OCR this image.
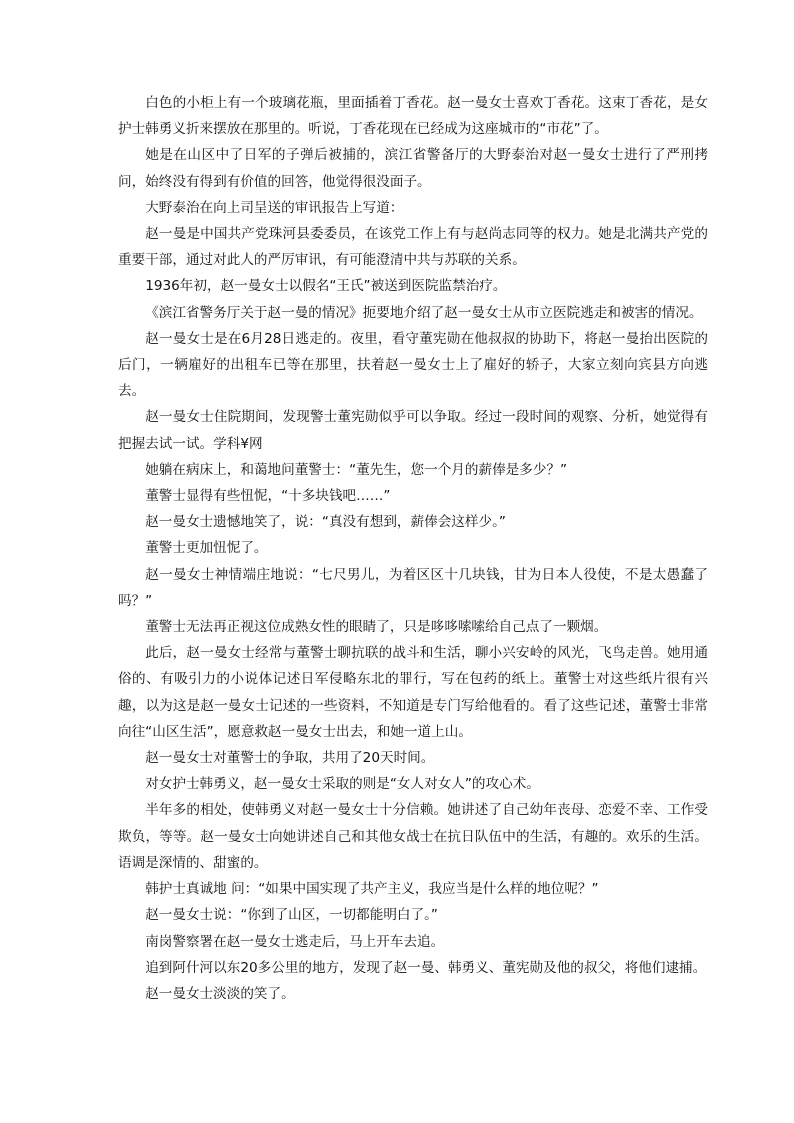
白色的小柜上有一个玻璃花瓶，里面插着丁香花。赵一曼女士喜欢丁香花。这束丁香花，是女护士韩勇义折来摆放在那里的。听说，丁香花现在已经成为这座城市的“市花”了。

她是在山区中了日军的子弹后被捕的，滨江省警备厅的大野泰治对赵一曼女士进行了严刑拷问，始终没有得到有价值的回答，他觉得很没面子。

大野泰治在向上司呈送的审讯报告上写道：

赵一曼是中国共产党珠河县委委员，在该党工作上有与赵尚志同等的权力。她是北满共产党的重要干部，通过对此人的严厉审讯，有可能澄清中共与苏联的关系。

1936年初，赵一曼女士以假名“王氏”被送到医院监禁治疗。

《滨江省警务厅关于赵一曼的情况》扼要地介绍了赵一曼女士从市立医院逃走和被害的情况。

赵一曼女士是在6月28日逃走的。夜里，看守董宪勋在他叔叔的协助下，将赵一曼抬出医院的后门，一辆雇好的出租车已等在那里，扶着赵一曼女士上了雇好的轿子，大家立刻向宾县方向逃去。

赵一曼女士住院期间，发现警士董宪勋似乎可以争取。经过一段时间的观察、分析，她觉得有把握去试一试。学科¥网

她躺在病床上，和蔼地问董警士：“董先生，您一个月的薪俸是多少？”

董警士显得有些忸怩，“十多块钱吧……”

赵一曼女士遗憾地笑了，说：“真没有想到，薪俸会这样少。”

董警士更加忸怩了。

赵一曼女士神情端庄地说：“七尺男儿，为着区区十几块钱，甘为日本人役使，不是太愚蠢了吗？”

董警士无法再正视这位成熟女性的眼睛了，只是哆哆嗦嗦给自己点了一颗烟。

此后，赵一曼女士经常与董警士聊抗联的战斗和生活，聊小兴安岭的风光，飞鸟走兽。她用通俗的、有吸引力的小说体记述日军侵略东北的罪行，写在包药的纸上。董警士对这些纸片很有兴趣，以为这是赵一曼女士记述的一些资料，不知道是专门写给他看的。看了这些记述，董警士非常向往“山区生活”，愿意救赵一曼女士出去，和她一道上山。

赵一曼女士对董警士的争取，共用了20天时间。

对女护士韩勇义，赵一曼女士采取的则是“女人对女人”的攻心术。

半年多的相处，使韩勇义对赵一曼女士十分信赖。她讲述了自己幼年丧母、恋爱不幸、工作受欺负，等等。赵一曼女士向她讲述自己和其他女战士在抗日队伍中的生活，有趣的。欢乐的生活。语调是深情的、甜蜜的。

韩护士真诚地 问：“如果中国实现了共产主义，我应当是什么样的地位呢？”

赵一曼女士说：“你到了山区，一切都能明白了。”

南岗警察署在赵一曼女士逃走后，马上开车去追。

追到阿什河以东20多公里的地方，发现了赵一曼、韩勇义、董宪勋及他的叔父，将他们逮捕。

赵一曼女士淡淡的笑了。
